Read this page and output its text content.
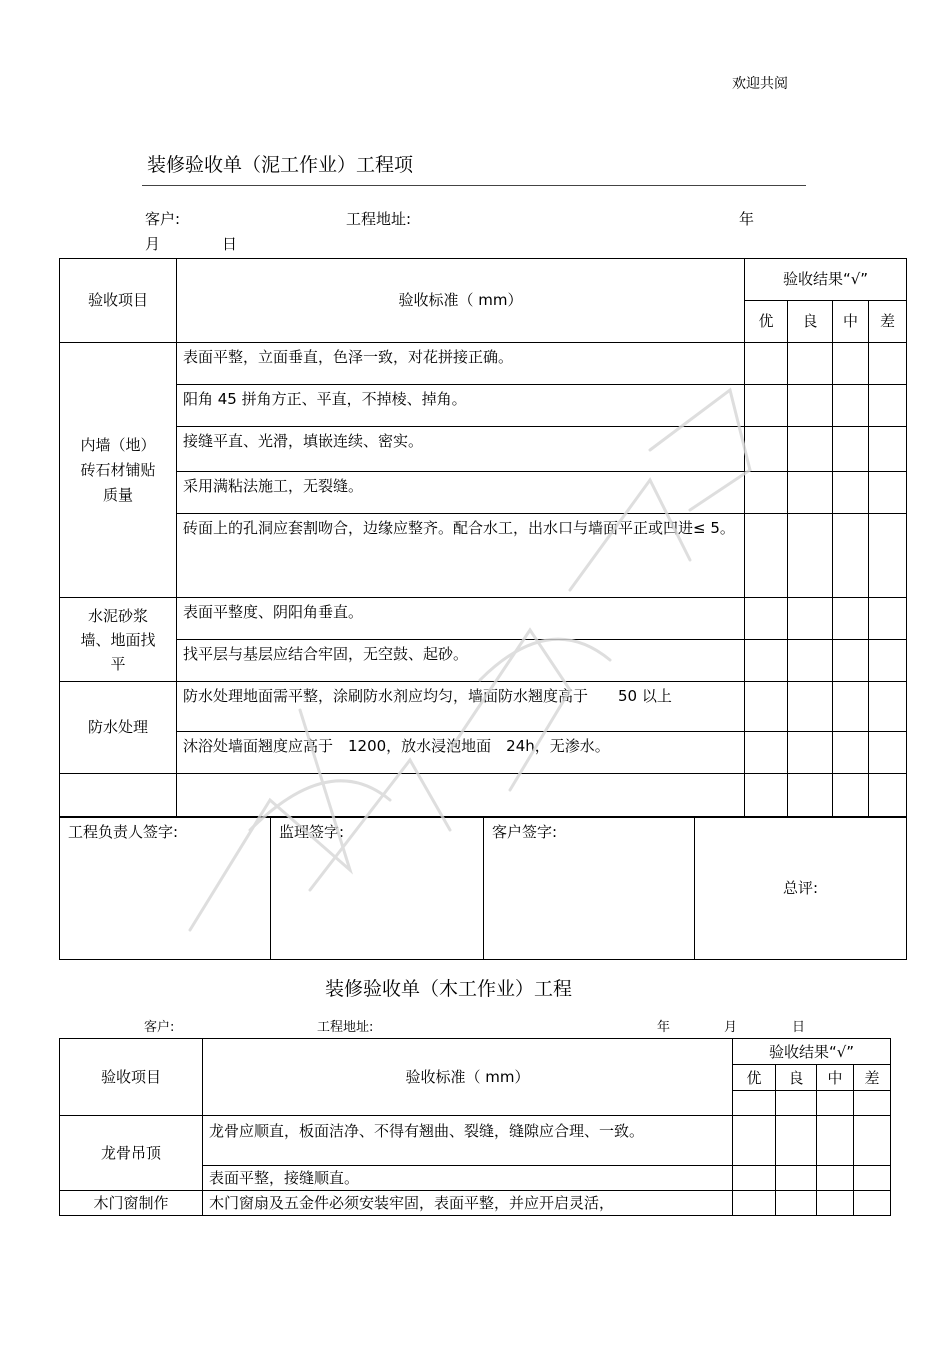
欢迎共阅
装修验收单（泥工作业）工程项
客户:	工程地址:	年
月	日
验收项目	验收标准（ mm）	验收结果“√”			
		优	良	中	差
内墙（地）
砖石材铺贴
质量	表面平整，立面垂直，色泽一致，对花拼接正确。				
	阳角 45 拼角方正、平直，不掉棱、掉角。				
	接缝平直、光滑，填嵌连续、密实。				
	采用满粘法施工，无裂缝。				
	砖面上的孔洞应套割吻合，边缘应整齐。配合水工，出水口与墙面平正或凹进≤ 5。				
水泥砂浆
墙、地面找
平	表面平整度、阴阳角垂直。				
	找平层与基层应结合牢固，无空鼓、起砂。				
防水处理	防水处理地面需平整，涂刷防水剂应均匀，墙面防水翘度高于　　50 以上				
	沐浴处墙面翘度应高于　1200，放水浸泡地面　24h，无渗水。				

工程负责人签字:	监理签字:	客户签字:	总评:
装修验收单（木工作业）工程
客户:	工程地址:	年	月	日
验收项目	验收标准（ mm）	验收结果“√”			
		优	良	中	差

龙骨吊顶	龙骨应顺直，板面洁净、不得有翘曲、裂缝，缝隙应合理、一致。				
	表面平整，接缝顺直。				
木门窗制作	木门窗扇及五金件必须安装牢固，表面平整，并应开启灵活，				
